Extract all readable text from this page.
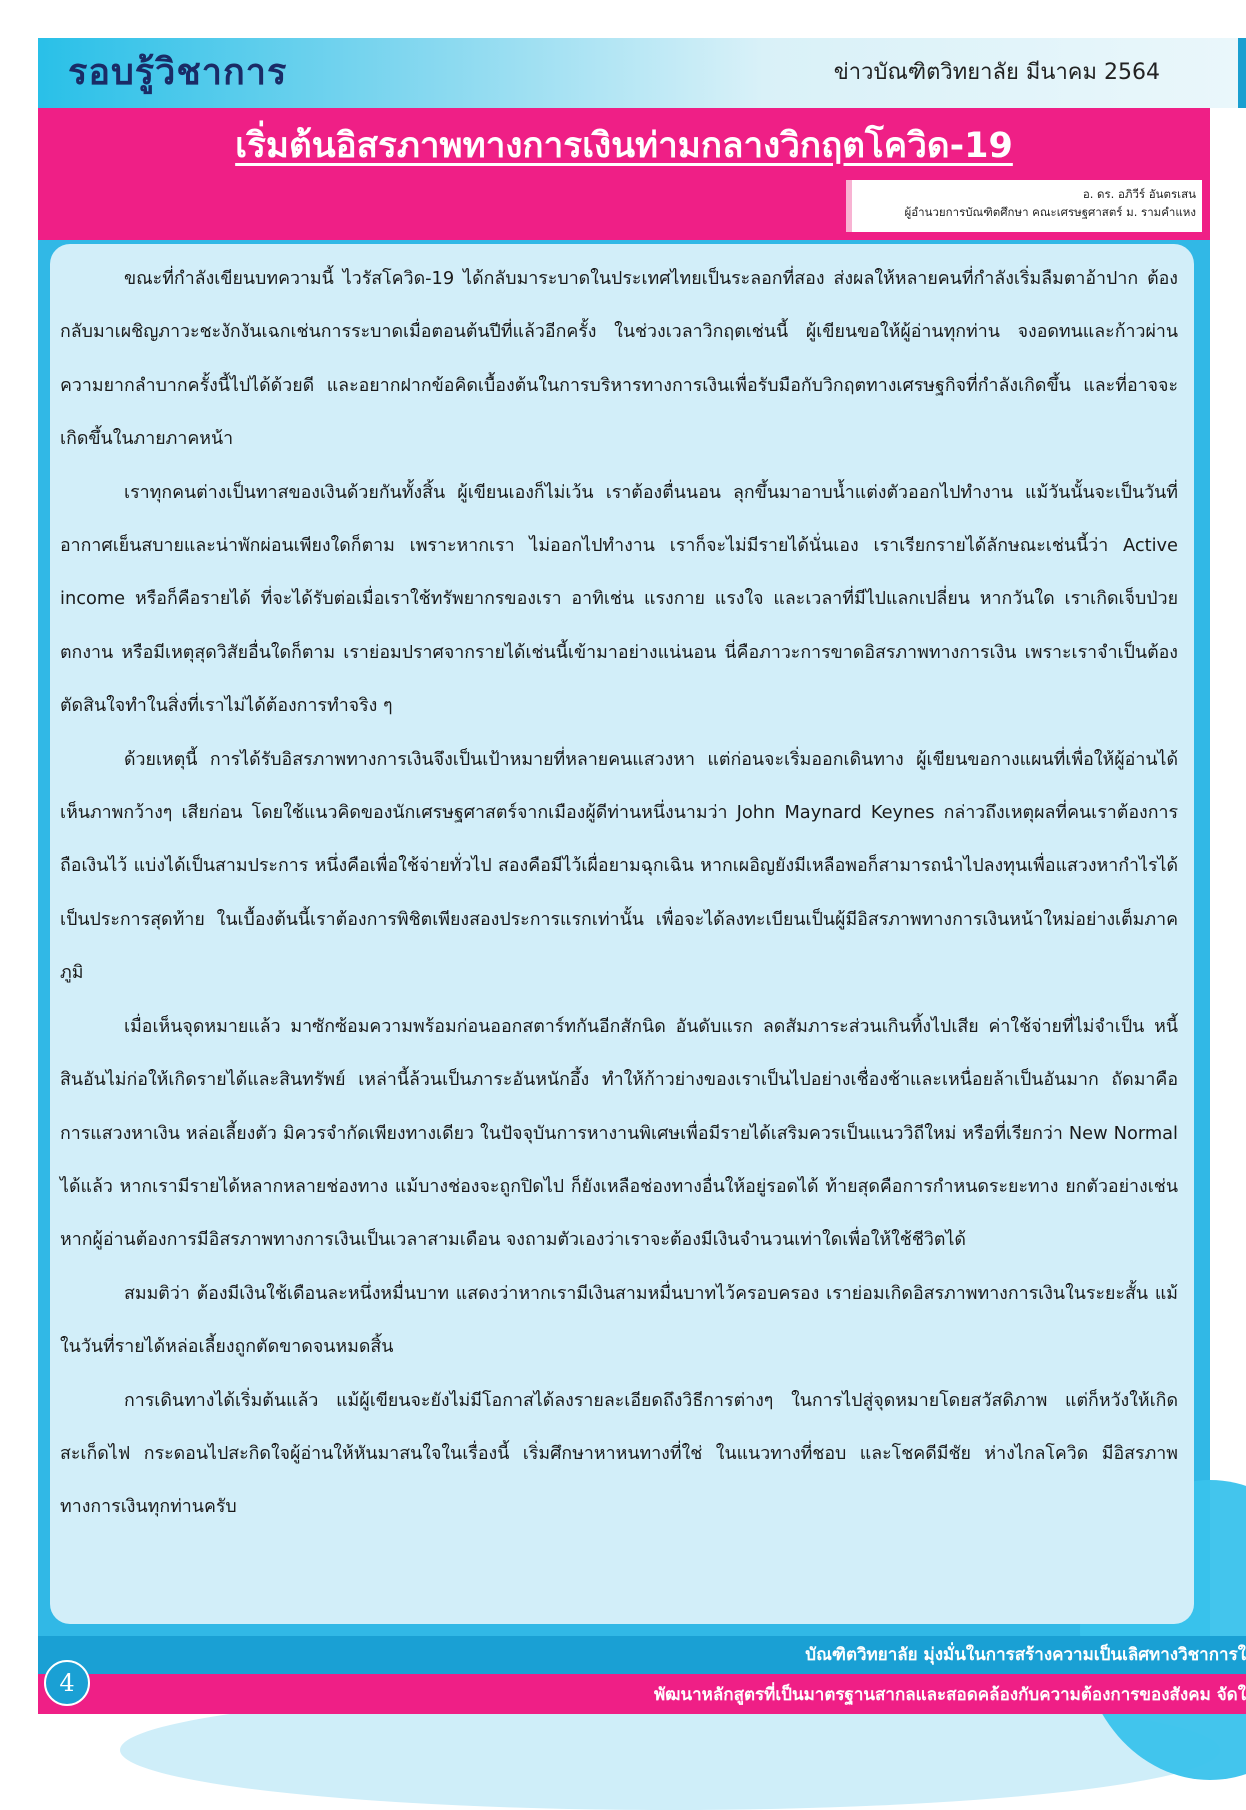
รอบรู้วิชาการ	ข่าวบัณฑิตวิทยาลัย มีนาคม 2564
เริ่มต้นอิสรภาพทางการเงินท่ามกลางวิกฤตโควิด-19
อ. ดร. อภิวีร์ อันตรเสน
ผู้อำนวยการบัณฑิตศึกษา คณะเศรษฐศาสตร์ ม. รามคำแหง

ขณะที่กำลังเขียนบทความนี้ ไวรัสโควิด-19 ได้กลับมาระบาดในประเทศไทยเป็นระลอกที่สอง ส่งผลให้หลายคนที่กำลังเริ่มลืมตาอ้าปาก ต้องกลับมาเผชิญภาวะชะงักงันเฉกเช่นการระบาดเมื่อตอนต้นปีที่แล้วอีกครั้ง ในช่วงเวลาวิกฤตเช่นนี้ ผู้เขียนขอให้ผู้อ่านทุกท่าน จงอดทนและก้าวผ่านความยากลำบากครั้งนี้ไปได้ด้วยดี และอยากฝากข้อคิดเบื้องต้นในการบริหารทางการเงินเพื่อรับมือกับวิกฤตทางเศรษฐกิจที่กำลังเกิดขึ้น และที่อาจจะเกิดขึ้นในภายภาคหน้า

เราทุกคนต่างเป็นทาสของเงินด้วยกันทั้งสิ้น ผู้เขียนเองก็ไม่เว้น เราต้องตื่นนอน ลุกขึ้นมาอาบน้ำแต่งตัวออกไปทำงาน แม้วันนั้นจะเป็นวันที่อากาศเย็นสบายและน่าพักผ่อนเพียงใดก็ตาม เพราะหากเรา ไม่ออกไปทำงาน เราก็จะไม่มีรายได้นั่นเอง เราเรียกรายได้ลักษณะเช่นนี้ว่า Active income หรือก็คือรายได้ ที่จะได้รับต่อเมื่อเราใช้ทรัพยากรของเรา อาทิเช่น แรงกาย แรงใจ และเวลาที่มีไปแลกเปลี่ยน หากวันใด เราเกิดเจ็บป่วย ตกงาน หรือมีเหตุสุดวิสัยอื่นใดก็ตาม เราย่อมปราศจากรายได้เช่นนี้เข้ามาอย่างแน่นอน นี่คือภาวะการขาดอิสรภาพทางการเงิน เพราะเราจำเป็นต้องตัดสินใจทำในสิ่งที่เราไม่ได้ต้องการทำจริง ๆ

ด้วยเหตุนี้ การได้รับอิสรภาพทางการเงินจึงเป็นเป้าหมายที่หลายคนแสวงหา แต่ก่อนจะเริ่มออกเดินทาง ผู้เขียนขอกางแผนที่เพื่อให้ผู้อ่านได้เห็นภาพกว้างๆ เสียก่อน โดยใช้แนวคิดของนักเศรษฐศาสตร์จากเมืองผู้ดีท่านหนึ่งนามว่า John Maynard Keynes กล่าวถึงเหตุผลที่คนเราต้องการถือเงินไว้ แบ่งได้เป็นสามประการ หนึ่งคือเพื่อใช้จ่ายทั่วไป สองคือมีไว้เผื่อยามฉุกเฉิน หากเผอิญยังมีเหลือพอก็สามารถนำไปลงทุนเพื่อแสวงหากำไรได้เป็นประการสุดท้าย ในเบื้องต้นนี้เราต้องการพิชิตเพียงสองประการแรกเท่านั้น เพื่อจะได้ลงทะเบียนเป็นผู้มีอิสรภาพทางการเงินหน้าใหม่อย่างเต็มภาคภูมิ

เมื่อเห็นจุดหมายแล้ว มาซักซ้อมความพร้อมก่อนออกสตาร์ทกันอีกสักนิด อันดับแรก ลดสัมภาระส่วนเกินทิ้งไปเสีย ค่าใช้จ่ายที่ไม่จำเป็น หนี้สินอันไม่ก่อให้เกิดรายได้และสินทรัพย์ เหล่านี้ล้วนเป็นภาระอันหนักอึ้ง ทำให้ก้าวย่างของเราเป็นไปอย่างเชื่องช้าและเหนื่อยล้าเป็นอันมาก ถัดมาคือการแสวงหาเงิน หล่อเลี้ยงตัว มิควรจำกัดเพียงทางเดียว ในปัจจุบันการหางานพิเศษเพื่อมีรายได้เสริมควรเป็นแนววิถีใหม่ หรือที่เรียกว่า New Normal ได้แล้ว หากเรามีรายได้หลากหลายช่องทาง แม้บางช่องจะถูกปิดไป ก็ยังเหลือช่องทางอื่นให้อยู่รอดได้ ท้ายสุดคือการกำหนดระยะทาง ยกตัวอย่างเช่น หากผู้อ่านต้องการมีอิสรภาพทางการเงินเป็นเวลาสามเดือน จงถามตัวเองว่าเราจะต้องมีเงินจำนวนเท่าใดเพื่อให้ใช้ชีวิตได้

สมมติว่า ต้องมีเงินใช้เดือนละหนึ่งหมื่นบาท แสดงว่าหากเรามีเงินสามหมื่นบาทไว้ครอบครอง เราย่อมเกิดอิสรภาพทางการเงินในระยะสั้น แม้ในวันที่รายได้หล่อเลี้ยงถูกตัดขาดจนหมดสิ้น

การเดินทางได้เริ่มต้นแล้ว แม้ผู้เขียนจะยังไม่มีโอกาสได้ลงรายละเอียดถึงวิธีการต่างๆ ในการไปสู่จุดหมายโดยสวัสดิภาพ แต่ก็หวังให้เกิดสะเก็ดไฟ กระดอนไปสะกิดใจผู้อ่านให้หันมาสนใจในเรื่องนี้ เริ่มศึกษาหาหนทางที่ใช่ ในแนวทางที่ชอบ และโชคดีมีชัย ห่างไกลโควิด มีอิสรภาพทางการเงินทุกท่านครับ

บัณฑิตวิทยาลัย มุ่งมั่นในการสร้างความเป็นเลิศทางวิชาการใ
พัฒนาหลักสูตรที่เป็นมาตรฐานสากลและสอดคล้องกับความต้องการของสังคม จัดใ
4
